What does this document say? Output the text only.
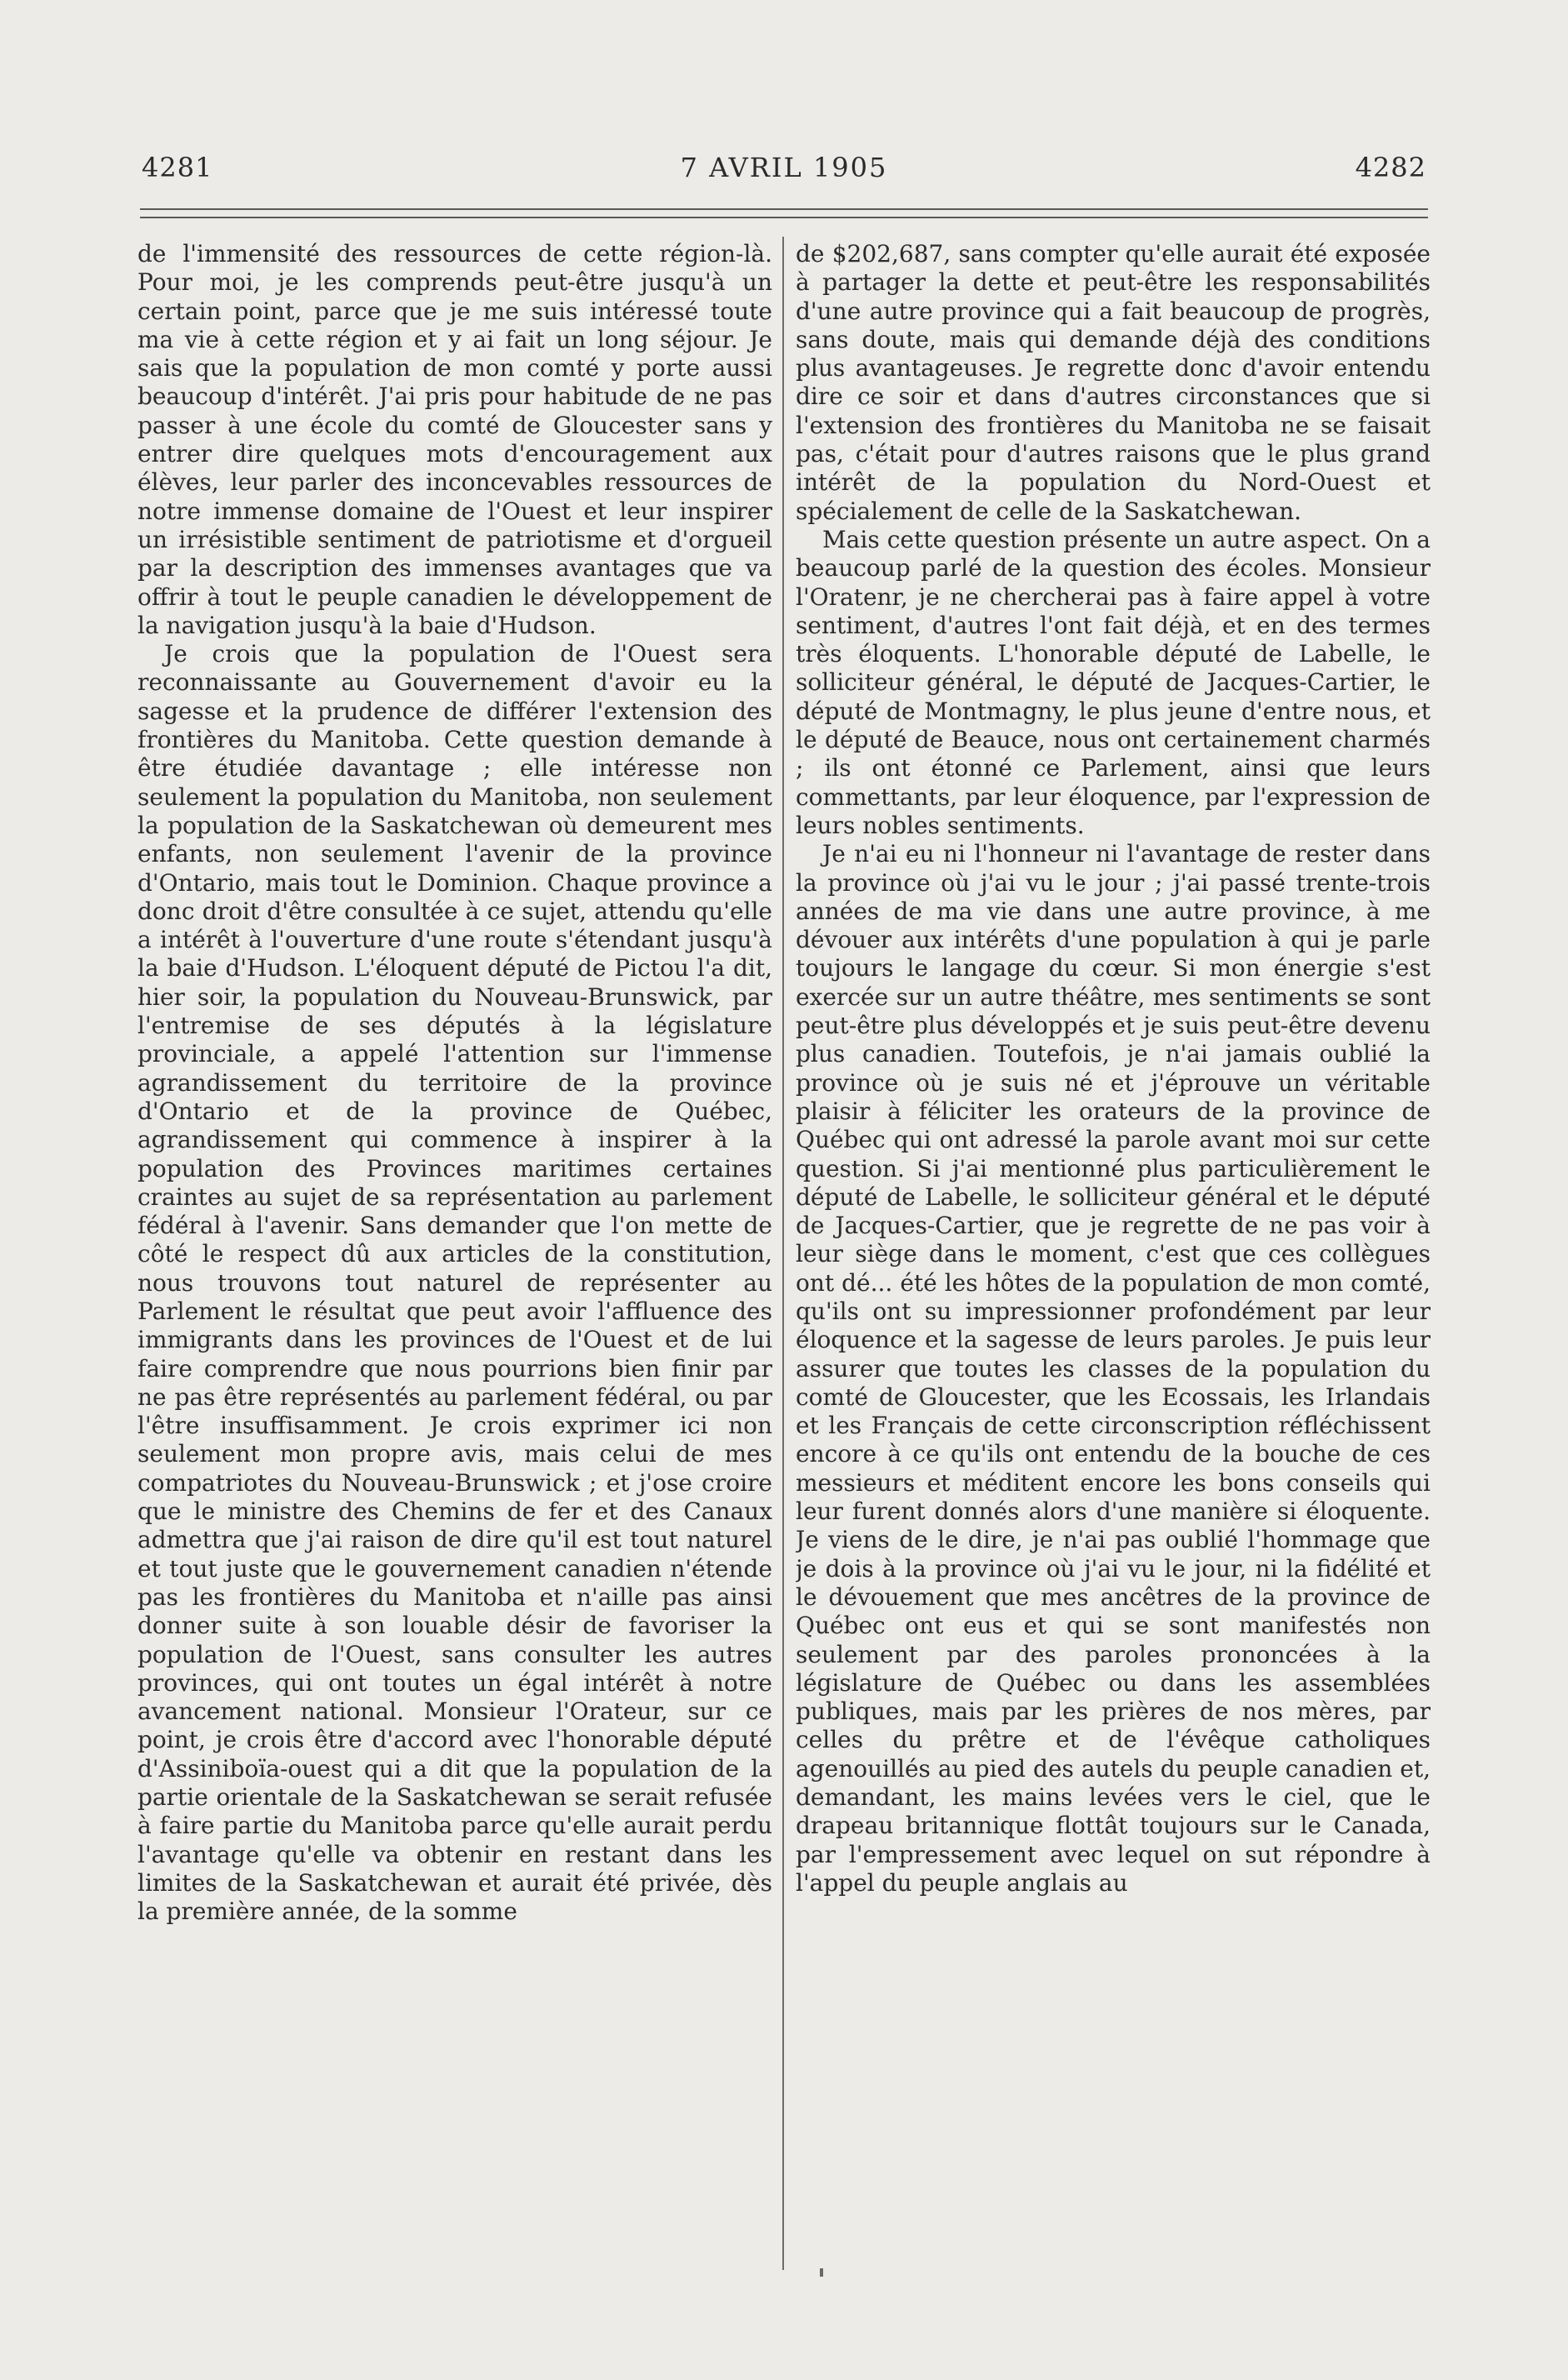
4281	7 AVRIL 1905	4282

de l'immensité des ressources de cette région-là. Pour moi, je les comprends peut-être jusqu'à un certain point, parce que je me suis intéressé toute ma vie à cette région et y ai fait un long séjour. Je sais que la population de mon comté y porte aussi beaucoup d'intérêt. J'ai pris pour habitude de ne pas passer à une école du comté de Gloucester sans y entrer dire quelques mots d'encouragement aux élèves, leur parler des inconcevables ressources de notre immense domaine de l'Ouest et leur inspirer un irrésistible sentiment de patriotisme et d'orgueil par la description des immenses avantages que va offrir à tout le peuple canadien le développement de la navigation jusqu'à la baie d'Hudson.

Je crois que la population de l'Ouest sera reconnaissante au Gouvernement d'avoir eu la sagesse et la prudence de différer l'extension des frontières du Manitoba. Cette question demande à être étudiée davantage ; elle intéresse non seulement la population du Manitoba, non seulement la population de la Saskatchewan où demeurent mes enfants, non seulement l'avenir de la province d'Ontario, mais tout le Dominion. Chaque province a donc droit d'être consultée à ce sujet, attendu qu'elle a intérêt à l'ouverture d'une route s'étendant jusqu'à la baie d'Hudson. L'éloquent député de Pictou l'a dit, hier soir, la population du Nouveau-Brunswick, par l'entremise de ses députés à la législature provinciale, a appelé l'attention sur l'immense agrandissement du territoire de la province d'Ontario et de la province de Québec, agrandissement qui commence à inspirer à la population des Provinces maritimes certaines craintes au sujet de sa représentation au parlement fédéral à l'avenir. Sans demander que l'on mette de côté le respect dû aux articles de la constitution, nous trouvons tout naturel de représenter au Parlement le résultat que peut avoir l'affluence des immigrants dans les provinces de l'Ouest et de lui faire comprendre que nous pourrions bien finir par ne pas être représentés au parlement fédéral, ou par l'être insuffisamment. Je crois exprimer ici non seulement mon propre avis, mais celui de mes compatriotes du Nouveau-Brunswick ; et j'ose croire que le ministre des Chemins de fer et des Canaux admettra que j'ai raison de dire qu'il est tout naturel et tout juste que le gouvernement canadien n'étende pas les frontières du Manitoba et n'aille pas ainsi donner suite à son louable désir de favoriser la population de l'Ouest, sans consulter les autres provinces, qui ont toutes un égal intérêt à notre avancement national. Monsieur l'Orateur, sur ce point, je crois être d'accord avec l'honorable député d'Assiniboïa-ouest qui a dit que la population de la partie orientale de la Saskatchewan se serait refusée à faire partie du Manitoba parce qu'elle aurait perdu l'avantage qu'elle va obtenir en restant dans les limites de la Saskatchewan et aurait été privée, dès la première année, de la somme

de $202,687, sans compter qu'elle aurait été exposée à partager la dette et peut-être les responsabilités d'une autre province qui a fait beaucoup de progrès, sans doute, mais qui demande déjà des conditions plus avantageuses. Je regrette donc d'avoir entendu dire ce soir et dans d'autres circonstances que si l'extension des frontières du Manitoba ne se faisait pas, c'était pour d'autres raisons que le plus grand intérêt de la population du Nord-Ouest et spécialement de celle de la Saskatchewan.

Mais cette question présente un autre aspect. On a beaucoup parlé de la question des écoles. Monsieur l'Oratenr, je ne chercherai pas à faire appel à votre sentiment, d'autres l'ont fait déjà, et en des termes très éloquents. L'honorable député de Labelle, le solliciteur général, le député de Jacques-Cartier, le député de Montmagny, le plus jeune d'entre nous, et le député de Beauce, nous ont certainement charmés ; ils ont étonné ce Parlement, ainsi que leurs commettants, par leur éloquence, par l'expression de leurs nobles sentiments.

Je n'ai eu ni l'honneur ni l'avantage de rester dans la province où j'ai vu le jour ; j'ai passé trente-trois années de ma vie dans une autre province, à me dévouer aux intérêts d'une population à qui je parle toujours le langage du cœur. Si mon énergie s'est exercée sur un autre théâtre, mes sentiments se sont peut-être plus développés et je suis peut-être devenu plus canadien. Toutefois, je n'ai jamais oublié la province où je suis né et j'éprouve un véritable plaisir à féliciter les orateurs de la province de Québec qui ont adressé la parole avant moi sur cette question. Si j'ai mentionné plus particulièrement le député de Labelle, le solliciteur général et le député de Jacques-Cartier, que je regrette de ne pas voir à leur siège dans le moment, c'est que ces collègues ont dé... été les hôtes de la population de mon comté, qu'ils ont su impressionner profondément par leur éloquence et la sagesse de leurs paroles. Je puis leur assurer que toutes les classes de la population du comté de Gloucester, que les Ecossais, les Irlandais et les Français de cette circonscription réfléchissent encore à ce qu'ils ont entendu de la bouche de ces messieurs et méditent encore les bons conseils qui leur furent donnés alors d'une manière si éloquente. Je viens de le dire, je n'ai pas oublié l'hommage que je dois à la province où j'ai vu le jour, ni la fidélité et le dévouement que mes ancêtres de la province de Québec ont eus et qui se sont manifestés non seulement par des paroles prononcées à la législature de Québec ou dans les assemblées publiques, mais par les prières de nos mères, par celles du prêtre et de l'évêque catholiques agenouillés au pied des autels du peuple canadien et, demandant, les mains levées vers le ciel, que le drapeau britannique flottât toujours sur le Canada, par l'empressement avec lequel on sut répondre à l'appel du peuple anglais au
